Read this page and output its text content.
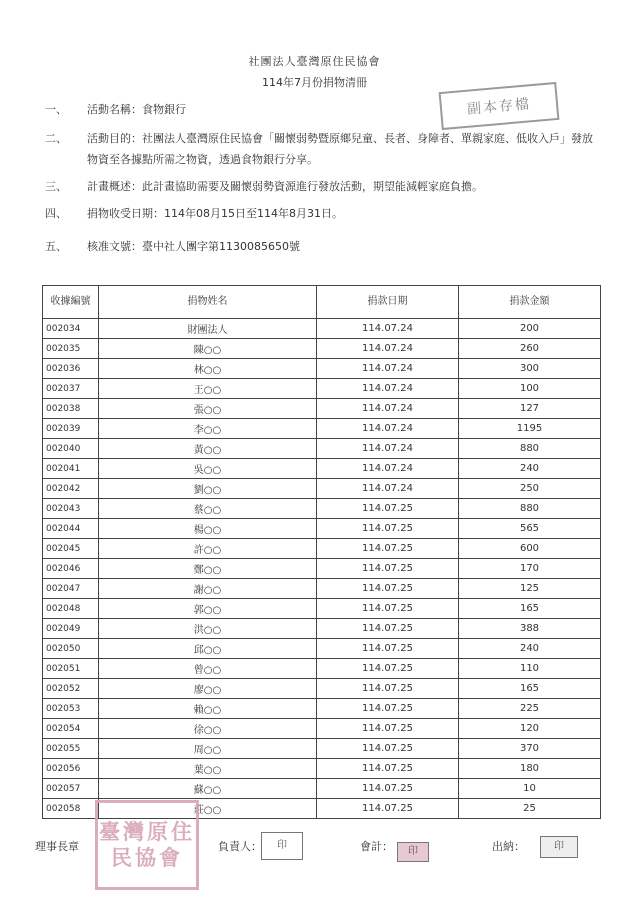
社團法人臺灣原住民協會
114年7月份捐物清冊
副本存檔
一、 活動名稱：食物銀行
二、 活動目的：社團法人臺灣原住民協會「關懷弱勢暨原鄉兒童、長者、身障者、單親家庭、低收入戶」發放物資至各據點所需之物資，透過食物銀行分享。
三、 計畫概述：此計畫協助需要及關懷弱勢資源進行發放活動，期望能減輕家庭負擔。
四、 捐物收受日期：114年08月15日至114年8月31日。
五、 核准文號：臺中社人團字第1130085650號
收據編號	捐物姓名	捐款日期	捐款金額
002034	財團法人	114.07.24	200
002035	陳○○	114.07.24	260
002036	林○○	114.07.24	300
002037	王○○	114.07.24	100
002038	張○○	114.07.24	127
002039	李○○	114.07.24	1195
002040	黃○○	114.07.24	880
002041	吳○○	114.07.24	240
002042	劉○○	114.07.24	250
002043	蔡○○	114.07.25	880
002044	楊○○	114.07.25	565
002045	許○○	114.07.25	600
002046	鄭○○	114.07.25	170
002047	謝○○	114.07.25	125
002048	郭○○	114.07.25	165
002049	洪○○	114.07.25	388
002050	邱○○	114.07.25	240
002051	曾○○	114.07.25	110
002052	廖○○	114.07.25	165
002053	賴○○	114.07.25	225
002054	徐○○	114.07.25	120
002055	周○○	114.07.25	370
002056	葉○○	114.07.25	180
002057	蘇○○	114.07.25	10
002058	莊○○	114.07.25	25
理事長章	負責人：	會計：	出納：
臺灣原住民協會
印
印	印
